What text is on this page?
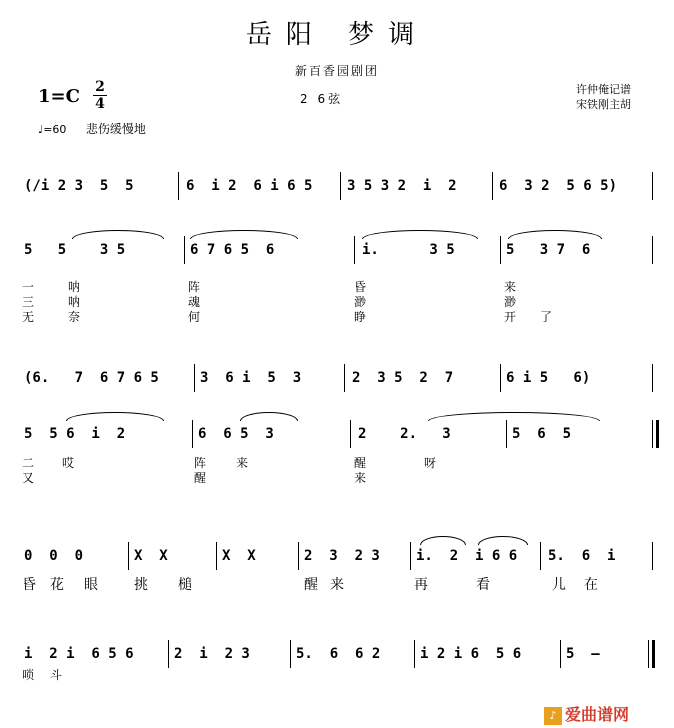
岳阳 梦调
新百香园剧团
1=C 2
4	2 6弦
许仲俺记谱
宋铁刚主胡
♩=60 悲伤缓慢地
(/i 2 3  5  5	6  i 2  6 i 6 5 3 5 3 2  i  2	6  3 2  5 6 5)
5   5    3 5	6 7 6 5  6	i.      3 5	5   3 7  6
一	呐	阵	昏	来
三	呐	魂	渺	渺
无	奈	何	睁	开 了
(6.   7  6 7 6 5	3  6 i  5  3	2  3 5  2  7	6 i 5   6)
5  5 6  i  2	6  6 5  3	2    2.   3	5  6  5
二 哎	阵 来	醒	呀
又	醒	来
0  0  0	X  X	X  X	2  3  2 3	i.  2  i 6 6 5.  6  i
昏 花 眼	挑 槌	醒 来	再	看	儿 在
i  2 i  6 5 6	2  i  2 3	5.  6  6 2	i 2 i 6  5 6	5  –
唢 斗
♪ 爱曲谱网
